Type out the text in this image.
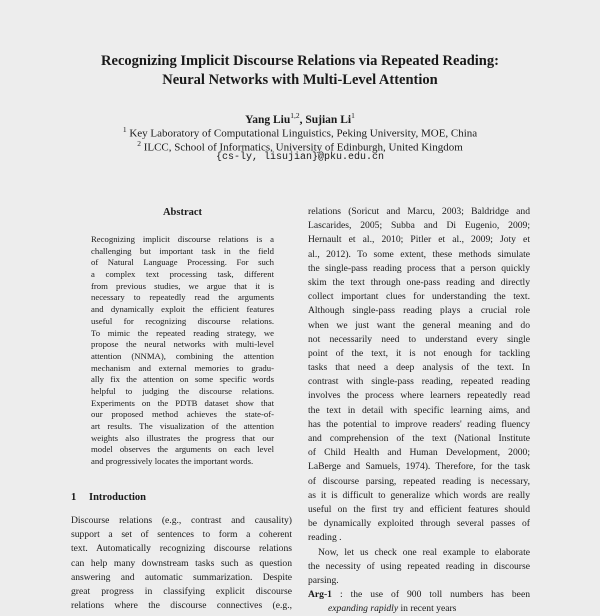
Recognizing Implicit Discourse Relations via Repeated Reading:
Neural Networks with Multi-Level Attention
Yang Liu$^{1,2}$, Sujian Li$^1$
$^1$ Key Laboratory of Computational Linguistics, Peking University, MOE, China
$^2$ ILCC, School of Informatics, University of Edinburgh, United Kingdom
{cs-ly, lisujian}@pku.edu.cn
Abstract
Recognizing implicit discourse relations is a
challenging but important task in the field
of Natural Language Processing. For such
a complex text processing task, different
from previous studies, we argue that it is
necessary to repeatedly read the arguments
and dynamically exploit the efficient features
useful for recognizing discourse relations.
To mimic the repeated reading strategy, we
propose the neural networks with multi-level
attention (NNMA), combining the attention
mechanism and external memories to gradu-
ally fix the attention on some specific words
helpful to judging the discourse relations.
Experiments on the PDTB dataset show that
our proposed method achieves the state-of-
art results. The visualization of the attention
weights also illustrates the progress that our
model observes the arguments on each level
and progressively locates the important words.
1 Introduction
Discourse relations (e.g., contrast and causality)
support a set of sentences to form a coherent
text. Automatically recognizing discourse relations
can help many downstream tasks such as question
answering and automatic summarization. Despite
great progress in classifying explicit discourse
relations where the discourse connectives (e.g.,
relations (Soricut and Marcu, 2003; Baldridge and
Lascarides, 2005; Subba and Di Eugenio, 2009;
Hernault et al., 2010; Pitler et al., 2009; Joty et
al., 2012). To some extent, these methods simulate
the single-pass reading process that a person quickly
skim the text through one-pass reading and directly
collect important clues for understanding the text.
Although single-pass reading plays a crucial role
when we just want the general meaning and do
not necessarily need to understand every single
point of the text, it is not enough for tackling
tasks that need a deep analysis of the text. In
contrast with single-pass reading, repeated reading
involves the process where learners repeatedly read
the text in detail with specific learning aims, and
has the potential to improve readers' reading fluency
and comprehension of the text (National Institute
of Child Health and Human Development, 2000;
LaBerge and Samuels, 1974). Therefore, for the task
of discourse parsing, repeated reading is necessary,
as it is difficult to generalize which words are really
useful on the first try and efficient features should
be dynamically exploited through several passes of
reading .
Now, let us check one real example to elaborate
the necessity of using repeated reading in discourse
parsing.
Arg-1 : the use of 900 toll numbers has been
expanding rapidly in recent years
